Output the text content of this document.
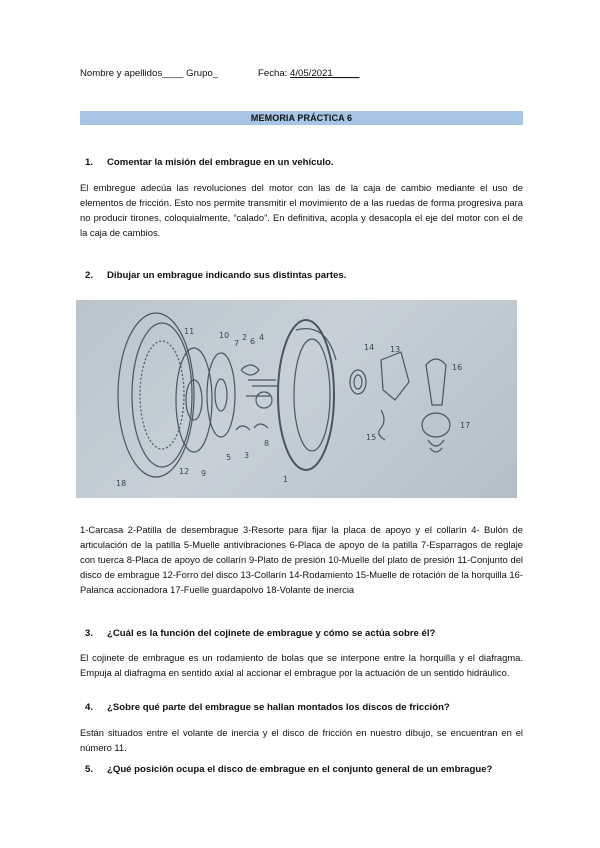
Nombre y apellidos____ Grupo_	Fecha: 4/05/2021_____
MEMORIA PRÁCTICA 6
1. Comentar la misión del embrague en un vehículo.
El embregue adecúa las revoluciones del motor con las de la caja de cambio mediante el uso de elementos de fricción. Esto nos permite transmitir el movimiento de a las ruedas de forma progresiva para no producir tirones, coloquialmente, “calado”. En definitiva, acopla y desacopla el eje del motor con el de la caja de cambios.
2. Dibujar un embrague indicando sus distintas partes.
1
2
3
4
5
6
7
8
9
10
11
12
13
14
15
16
17
18
1-Carcasa 2-Patilla de desembrague 3-Resorte para fijar la placa de apoyo y el collarín 4- Bulón de articulación de la patilla 5-Muelle antivibraciones 6-Placa de apoyo de la patilla 7-Esparragos de reglaje con tuerca 8-Placa de apoyo de collarín 9-Plato de presión 10-Muelle del plato de presión 11-Conjunto del disco de embrague 12-Forro del disco 13-Collarín 14-Rodamiento 15-Muelle de rotación de la horquilla 16-Palanca accionadora 17-Fuelle guardapolvo 18-Volante de inercia
3. ¿Cuál es la función del cojinete de embrague y cómo se actúa sobre él?
El cojinete de embrague es un rodamiento de bolas que se interpone entre la horquilla y el diafragma. Empuja al diafragma en sentido axial al accionar el embrague por la actuación de un sentido hidráulico.
4. ¿Sobre qué parte del embrague se hallan montados los discos de fricción?
Están situados entre el volante de inercia y el disco de fricción en nuestro dibujo, se encuentran en el número 11.
5. ¿Qué posición ocupa el disco de embrague en el conjunto general de un embrague?
